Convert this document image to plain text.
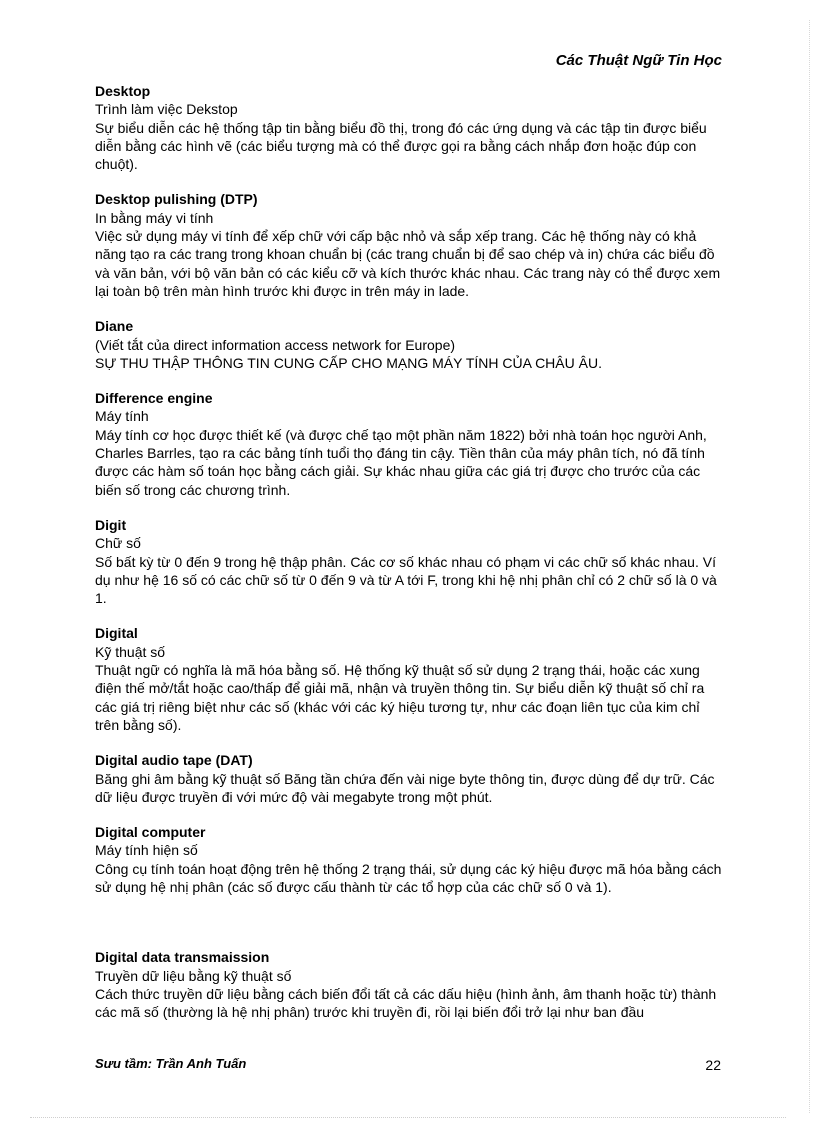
Các Thuật Ngữ Tin Học
Desktop
Trình làm việc Dekstop
Sự biểu diễn các hệ thống tập tin bằng biểu đồ thị, trong đó các ứng dụng và các tập tin được biểu diễn bằng các hình vẽ (các biểu tượng mà có thể được gọi ra bằng cách nhắp đơn hoặc đúp con chuột).
Desktop pulishing (DTP)
In bằng máy vi tính
Việc sử dụng máy vi tính để xếp chữ với cấp bậc nhỏ và sắp xếp trang. Các hệ thống này có khả năng tạo ra các trang trong khoan chuẩn bị (các trang chuẩn bị để sao chép và in) chứa các biểu đồ và văn bản, với bộ văn bản có các kiểu cỡ và kích thước khác nhau. Các trang này có thể được xem lại toàn bộ trên màn hình trước khi được in trên máy in lade.
Diane
(Viết tắt của direct information access network for Europe)
SỰ THU THẬP THÔNG TIN CUNG CẤP CHO MẠNG MÁY TÍNH CỦA CHÂU ÂU.
Difference engine
Máy tính
Máy tính cơ học được thiết kế (và được chế tạo một phần năm 1822) bởi nhà toán học người Anh, Charles Barrles, tạo ra các bảng tính tuổi thọ đáng tin cậy. Tiền thân của máy phân tích, nó đã tính được các hàm số toán học bằng cách giải. Sự khác nhau giữa các giá trị được cho trước của các biến số trong các chương trình.
Digit
Chữ số
Số bất kỳ từ 0 đến 9 trong hệ thập phân. Các cơ số khác nhau có phạm vi các chữ số khác nhau. Ví dụ như hệ 16 số có các chữ số từ 0 đến 9 và từ A tới F, trong khi hệ nhị phân chỉ có 2 chữ số là 0 và 1.
Digital
Kỹ thuật số
Thuật ngữ có nghĩa là mã hóa bằng số. Hệ thống kỹ thuật số sử dụng 2 trạng thái, hoặc các xung điện thế mở/tắt hoặc cao/thấp để giải mã, nhận và truyền thông tin. Sự biểu diễn kỹ thuật số chỉ ra các giá trị riêng biệt như các số (khác với các ký hiệu tương tự, như các đoạn liên tục của kim chỉ trên bằng số).
Digital audio tape (DAT)
Băng ghi âm bằng kỹ thuật số Băng tần chứa đến vài nige byte thông tin, được dùng để dự trữ. Các dữ liệu được truyền đi với mức độ vài megabyte trong một phút.
Digital computer
Máy tính hiện số
Công cụ tính toán hoạt động trên hệ thống 2 trạng thái, sử dụng các ký hiệu được mã hóa bằng cách sử dụng hệ nhị phân (các số được cấu thành từ các tổ hợp của các chữ số 0 và 1).
Digital data transmaission
Truyền dữ liệu bằng kỹ thuật số
Cách thức truyền dữ liệu bằng cách biến đổi tất cả các dấu hiệu (hình ảnh, âm thanh hoặc từ) thành các mã số (thường là hệ nhị phân) trước khi truyền đi, rồi lại biến đổi trở lại như ban đầu
Sưu tầm: Trần Anh Tuấn	22
